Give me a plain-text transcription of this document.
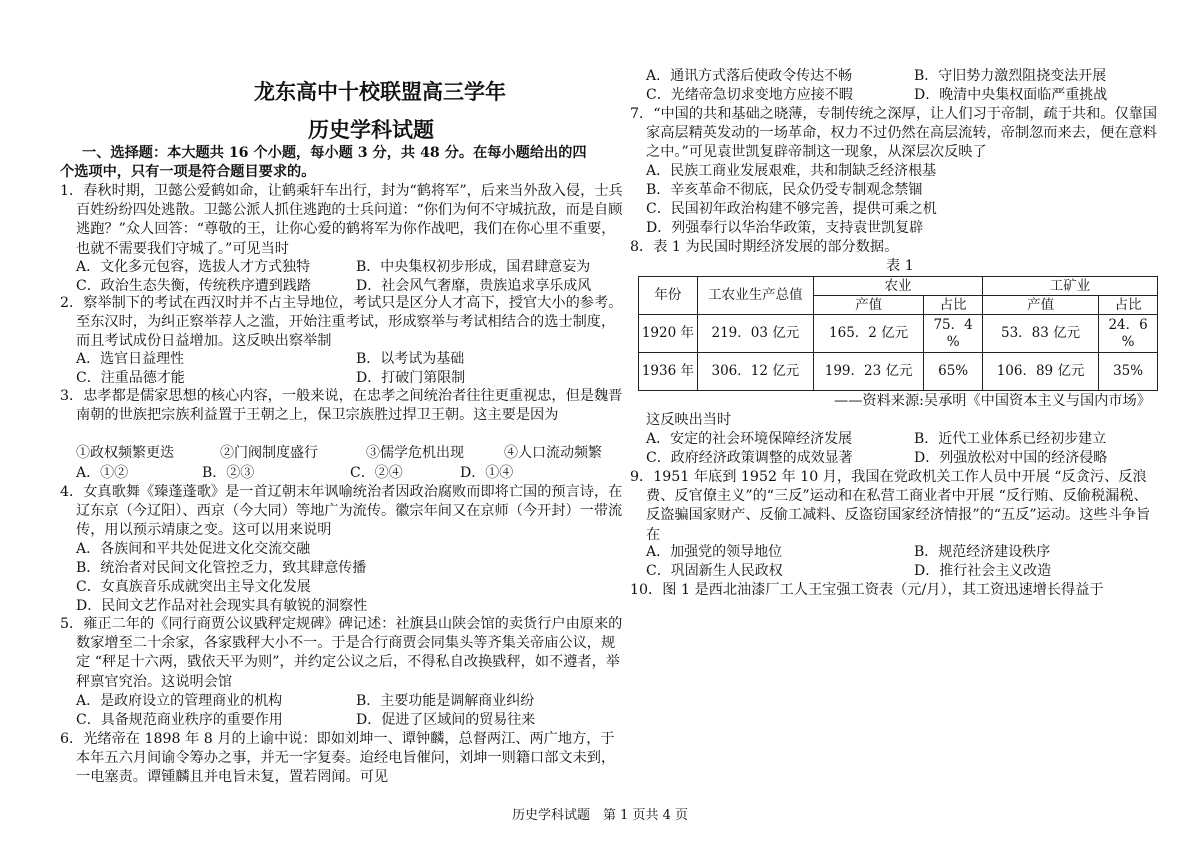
龙东高中十校联盟高三学年
历史学科试题
一、选择题：本大题共 16 个小题，每小题 3 分，共 48 分。在每小题给出的四
个选项中，只有一项是符合题目要求的。
1．春秋时期，卫懿公爱鹤如命，让鹤乘轩车出行，封为“鹤将军”，后来当外敌入侵，士兵百姓纷纷四处逃散。卫懿公派人抓住逃跑的士兵问道：“你们为何不守城抗敌，而是自顾逃跑？”众人回答：“尊敬的王，让你心爱的鹤将军为你作战吧，我们在你心里不重要，也就不需要我们守城了。”可见当时
A．文化多元包容，选拔人才方式独特	B．中央集权初步形成，国君肆意妄为
C．政治生态失衡，传统秩序遭到践踏	D．社会风气奢靡，贵族追求享乐成风
2．察举制下的考试在西汉时并不占主导地位，考试只是区分人才高下，授官大小的参考。至东汉时，为纠正察举荐人之滥，开始注重考试，形成察举与考试相结合的选士制度，而且考试成份日益增加。这反映出察举制
A．选官日益理性	B．以考试为基础
C．注重品德才能	D．打破门第限制
3．忠孝都是儒家思想的核心内容，一般来说，在忠孝之间统治者往往更重视忠，但是魏晋南朝的世族把宗族利益置于王朝之上，保卫宗族胜过捍卫王朝。这主要是因为
①政权频繁更迭	②门阀制度盛行	③儒学危机出现	④人口流动频繁
A．①②	B．②③	C．②④	D．①④
4．女真歌舞《臻蓬蓬歌》是一首辽朝末年讽喻统治者因政治腐败而即将亡国的预言诗，在辽东京（今辽阳）、西京（今大同）等地广为流传。徽宗年间又在京师（今开封）一带流传，用以预示靖康之变。这可以用来说明
A．各族间和平共处促进文化交流交融
B．统治者对民间文化管控乏力，致其肆意传播
C．女真族音乐成就突出主导文化发展
D．民间文艺作品对社会现实具有敏锐的洞察性
5．雍正二年的《同行商贾公议戥秤定规碑》碑记述：社旗县山陕会馆的卖货行户由原来的数家增至二十余家，各家戥秤大小不一。于是合行商贾会同集头等齐集关帝庙公议，规定 “秤足十六两，戥依天平为则”，并约定公议之后，不得私自改换戥秤，如不遵者，举秤禀官究治。这说明会馆
A．是政府设立的管理商业的机构	B．主要功能是调解商业纠纷
C．具备规范商业秩序的重要作用	D．促进了区域间的贸易往来
6．光绪帝在 1898 年 8 月的上谕中说：即如刘坤一、谭钟麟，总督两江、两广地方，于本年五六月间谕令筹办之事，并无一字复奏。迨经电旨催问，刘坤一则籍口部文未到，一电塞责。谭锺麟且并电旨未复，置若罔闻。可见
A．通讯方式落后使政令传达不畅	B．守旧势力激烈阻挠变法开展
C．光绪帝急切求变地方应接不暇	D．晚清中央集权面临严重挑战
7．“中国的共和基础之晓薄，专制传统之深厚，让人们习于帝制，疏于共和。仅靠国家高层精英发动的一场革命，权力不过仍然在高层流转，帝制忽而来去，便在意料之中。”可见袁世凯复辟帝制这一现象，从深层次反映了
A．民族工商业发展艰难，共和制缺乏经济根基
B．辛亥革命不彻底，民众仍受专制观念禁锢
C．民国初年政治构建不够完善，提供可乘之机
D．列强奉行以华治华政策，支持袁世凯复辟
8．表 1 为民国时期经济发展的部分数据。
表 1
年份	工农业生产总值	农业		工矿业	
		产值	占比	产值	占比
1920 年	219．03 亿元	165．2 亿元	75．4 %	53．83 亿元	24．6 %
1936 年	306．12 亿元	199．23 亿元	65%	106．89 亿元	35%
——资料来源:吴承明《中国资本主义与国内市场》
这反映出当时
A．安定的社会环境保障经济发展	B．近代工业体系已经初步建立
C．政府经济政策调整的成效显著	D．列强放松对中国的经济侵略
9．1951 年底到 1952 年 10 月，我国在党政机关工作人员中开展 “反贪污、反浪费、反官僚主义”的“三反”运动和在私营工商业者中开展 “反行贿、反偷税漏税、反盗骗国家财产、反偷工减料、反盗窃国家经济情报”的“五反”运动。这些斗争旨在
A．加强党的领导地位	B．规范经济建设秩序
C．巩固新生人民政权	D．推行社会主义改造
10．图 1 是西北油漆厂工人王宝强工资表（元/月），其工资迅速增长得益于
历史学科试题　第 1 页共 4 页
